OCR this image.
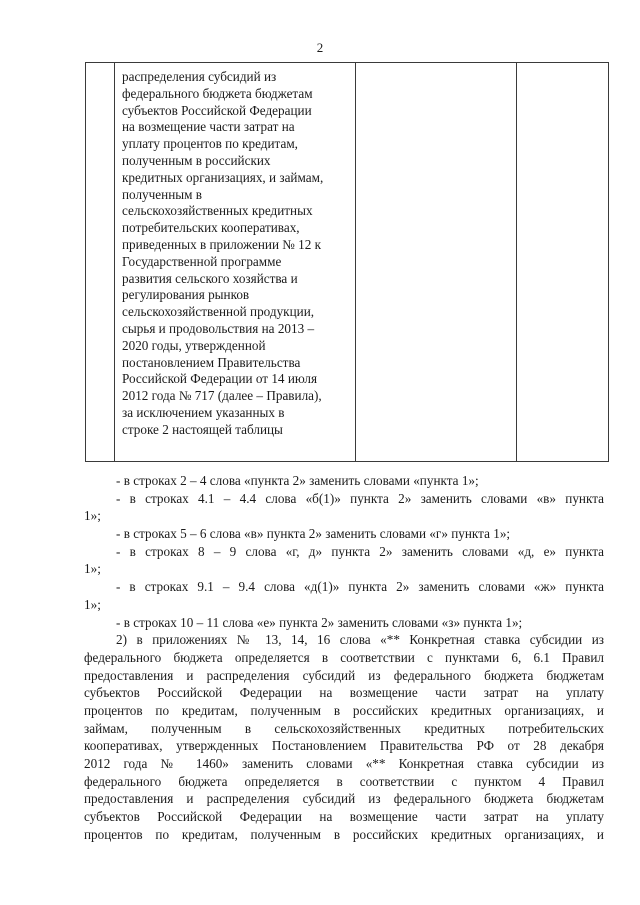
2

распределения субсидий из
федерального бюджета бюджетам
субъектов Российской Федерации
на возмещение части затрат на
уплату процентов по кредитам,
полученным в российских
кредитных организациях, и займам,
полученным в
сельскохозяйственных кредитных
потребительских кооперативах,
приведенных в приложении № 12 к
Государственной программе
развития сельского хозяйства и
регулирования рынков
сельскохозяйственной продукции,
сырья и продовольствия на 2013 –
2020 годы, утвержденной
постановлением Правительства
Российской Федерации от 14 июля
2012 года № 717 (далее – Правила),
за исключением указанных в
строке 2 настоящей таблицы

- в строках 2 – 4 слова «пункта 2» заменить словами «пункта 1»;
- в строках 4.1 – 4.4 слова «б(1)» пункта 2» заменить словами «в» пункта
1»;
- в строках 5 – 6 слова «в» пункта 2» заменить словами «г» пункта 1»;
- в строках 8 – 9 слова «г, д» пункта 2» заменить словами «д, е» пункта
1»;
- в строках 9.1 – 9.4 слова «д(1)» пункта 2» заменить словами «ж» пункта
1»;
- в строках 10 – 11 слова «е» пункта 2» заменить словами «з» пункта 1»;
2) в приложениях № 13, 14, 16 слова «** Конкретная ставка субсидии из
федерального бюджета определяется в соответствии с пунктами 6, 6.1 Правил
предоставления и распределения субсидий из федерального бюджета бюджетам
субъектов Российской Федерации на возмещение части затрат на уплату
процентов по кредитам, полученным в российских кредитных организациях, и
займам, полученным в сельскохозяйственных кредитных потребительских
кооперативах, утвержденных Постановлением Правительства РФ от 28 декабря
2012 года № 1460» заменить словами «** Конкретная ставка субсидии из
федерального бюджета определяется в соответствии с пунктом 4 Правил
предоставления и распределения субсидий из федерального бюджета бюджетам
субъектов Российской Федерации на возмещение части затрат на уплату
процентов по кредитам, полученным в российских кредитных организациях, и
